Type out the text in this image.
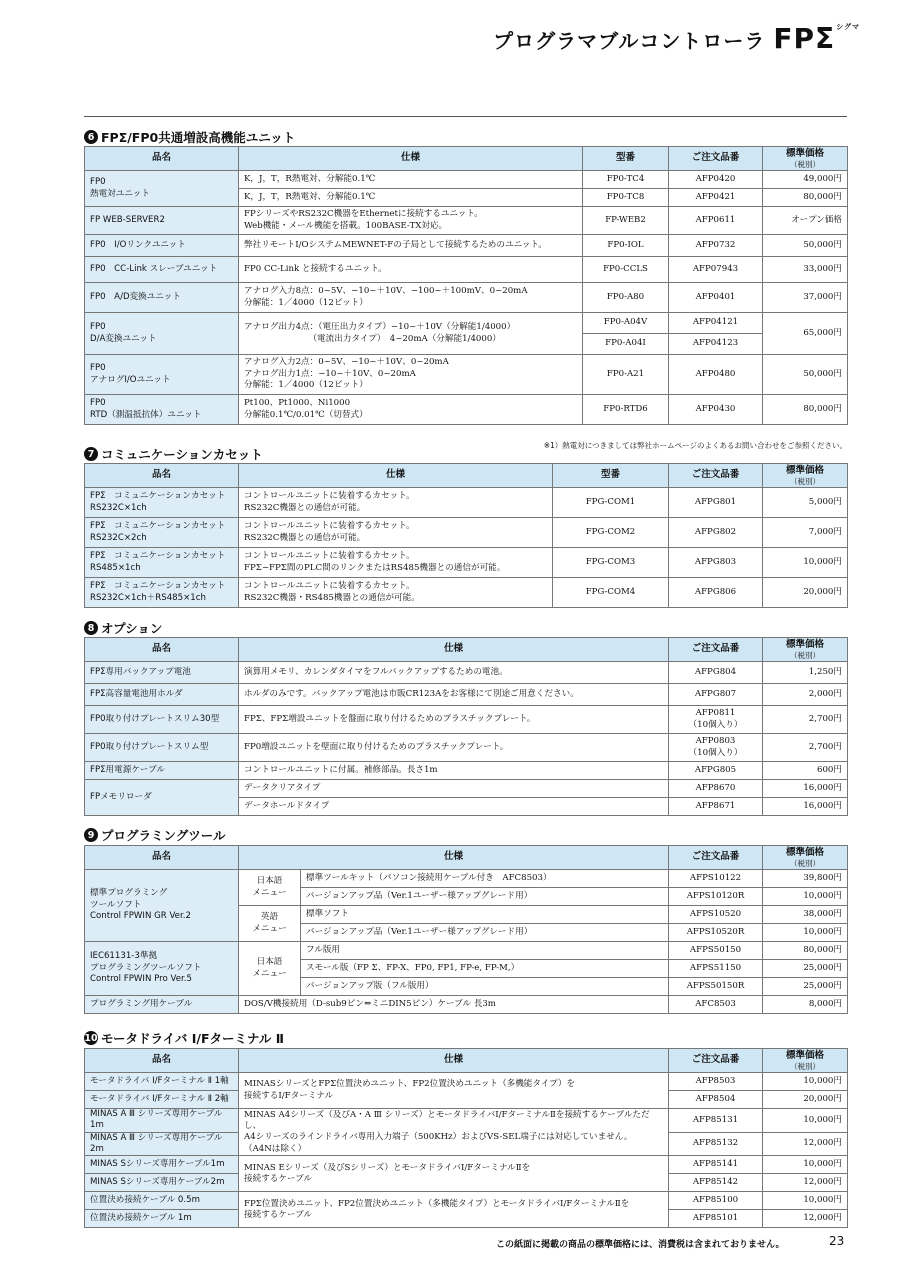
プログラマブルコントローラ $FP\Sigma^{シグマ}$
6 FPΣ/FP0共通増設高機能ユニット
品名	仕様	型番	ご注文品番	標準価格
（税別）

FP0
熱電対ユニット	K，J，T，R熱電対、分解能0.1℃	FP0-TC4	AFP0420	49,000円
	K，J，T，R熱電対、分解能0.1℃	FP0-TC8	AFP0421	80,000円
FP WEB-SERVER2	FPシリーズやRS232C機器をEthernetに接続するユニット。
Web機能・メール機能を搭載。100BASE-TX対応。	FP-WEB2	AFP0611	オープン価格
FP0　I/Oリンクユニット	弊社リモートI/OシステムMEWNET-Fの子局として接続するためのユニット。	FP0-IOL	AFP0732	50,000円
FP0　CC-Link スレーブユニット	FP0 CC-Link と接続するユニット。	FP0-CCLS	AFP07943	33,000円
FP0　A/D変換ユニット	アナログ入力8点：0~5V、−10~＋10V、−100~＋100mV、0~20mA
分解能：1／4000（12ビット）	FP0-A80	AFP0401	37,000円
FP0
D/A変換ユニット	アナログ出力4点：（電圧出力タイプ）−10~＋10V（分解能1/4000）
　　　　　　　　（電流出力タイプ）　4~20mA（分解能1/4000）	FP0-A04V	AFP04121	65,000円
		FP0-A04I	AFP04123	
FP0
アナログI/Oユニット	アナログ入力2点：0~5V、−10~＋10V、0~20mA
アナログ出力1点：−10~＋10V、0~20mA
分解能：1／4000（12ビット）	FP0-A21	AFP0480	50,000円
FP0
RTD（測温抵抗体）ユニット	Pt100、Pt1000、Ni1000
分解能0.1℃/0.01℃（切替式）	FP0-RTD6	AFP0430	80,000円
※1）熱電対につきましては弊社ホームページのよくあるお問い合わせをご参照ください。
7 コミュニケーションカセット
品名	仕様	型番	ご注文品番	標準価格
（税別）

FPΣ　コミュニケーションカセット
RS232C×1ch	コントロールユニットに装着するカセット。
RS232C機器との通信が可能。	FPG-COM1	AFPG801	5,000円
FPΣ　コミュニケーションカセット
RS232C×2ch	コントロールユニットに装着するカセット。
RS232C機器との通信が可能。	FPG-COM2	AFPG802	7,000円
FPΣ　コミュニケーションカセット
RS485×1ch	コントロールユニットに装着するカセット。
FPΣ−FPΣ間のPLC間のリンクまたはRS485機器との通信が可能。	FPG-COM3	AFPG803	10,000円
FPΣ　コミュニケーションカセット
RS232C×1ch＋RS485×1ch	コントロールユニットに装着するカセット。
RS232C機器・RS485機器との通信が可能。	FPG-COM4	AFPG806	20,000円
8 オプション
品名	仕様	ご注文品番	標準価格
（税別）

FPΣ専用バックアップ電池	演算用メモリ、カレンダタイマをフルバックアップするための電池。	AFPG804	1,250円
FPΣ高容量電池用ホルダ	ホルダのみです。バックアップ電池は市販CR123Aをお客様にて別途ご用意ください。	AFPG807	2,000円
FP0取り付けプレートスリム30型	FPΣ、FPΣ増設ユニットを盤面に取り付けるためのプラスチックプレート。	AFP0811
（10個入り）	2,700円
FP0取り付けプレートスリム型	FP0増設ユニットを壁面に取り付けるためのプラスチックプレート。	AFP0803
（10個入り）	2,700円
FPΣ用電源ケーブル	コントロールユニットに付属。補修部品。長さ1m	AFPG805	600円
FPメモリローダ	データクリアタイプ	AFP8670	16,000円
	データホールドタイプ	AFP8671	16,000円
9 プログラミングツール
品名	仕様		ご注文品番	標準価格
（税別）

標準プログラミング
ツールソフト
Control FPWIN GR Ver.2	日本語
メニュー	標準ツールキット（パソコン接続用ケーブル付き　AFC8503）	AFPS10122	39,800円
		バージョンアップ品（Ver.1ユーザー様アップグレード用）	AFPS10120R	10,000円
	英語
メニュー	標準ソフト	AFPS10520	38,000円
		バージョンアップ品（Ver.1ユーザー様アップグレード用）	AFPS10520R	10,000円
IEC61131-3準拠
プログラミングツールソフト
Control FPWIN Pro Ver.5	日本語
メニュー	フル版用	AFPS50150	80,000円
		スモール版（FP Σ、FP-X、FP0, FP1, FP-e, FP-M,）	AFPS51150	25,000円
		バージョンアップ版（フル版用）	AFPS50150R	25,000円
プログラミング用ケーブル	DOS/V機接続用（D-sub9ピン⇔ミニDIN5ピン）ケーブル 長3m		AFC8503	8,000円
10 モータドライバ I/Fターミナル Ⅱ
品名	仕様	ご注文品番	標準価格
（税別）

モータドライバ I/Fターミナル Ⅱ 1軸	MINASシリーズとFPΣ位置決めユニット、FP2位置決めユニット（多機能タイプ）を
接続するI/Fターミナル	AFP8503	10,000円
モータドライバ I/Fターミナル Ⅱ 2軸		AFP8504	20,000円
MINAS A Ⅲ シリーズ専用ケーブル1m	MINAS A4シリーズ（及びA・A Ⅲ シリーズ）とモータドライバI/FターミナルⅡを接続するケーブルただし、
A4シリーズのラインドライバ専用入力端子（500KHz）およびVS-SEL端子には対応していません。
（A4Nは除く）	AFP85131	10,000円
MINAS A Ⅲ シリーズ専用ケーブル2m		AFP85132	12,000円
MINAS Sシリーズ専用ケーブル1m	MINAS Eシリーズ（及びSシリーズ）とモータドライバI/FターミナルⅡを
接続するケーブル	AFP85141	10,000円
MINAS Sシリーズ専用ケーブル2m		AFP85142	12,000円
位置決め接続ケーブル 0.5m	FPΣ位置決めユニット、FP2位置決めユニット（多機能タイプ）とモータドライバI/FターミナルⅡを
接続するケーブル	AFP85100	10,000円
位置決め接続ケーブル 1m		AFP85101	12,000円
この紙面に掲載の商品の標準価格には、消費税は含まれておりません。	23
